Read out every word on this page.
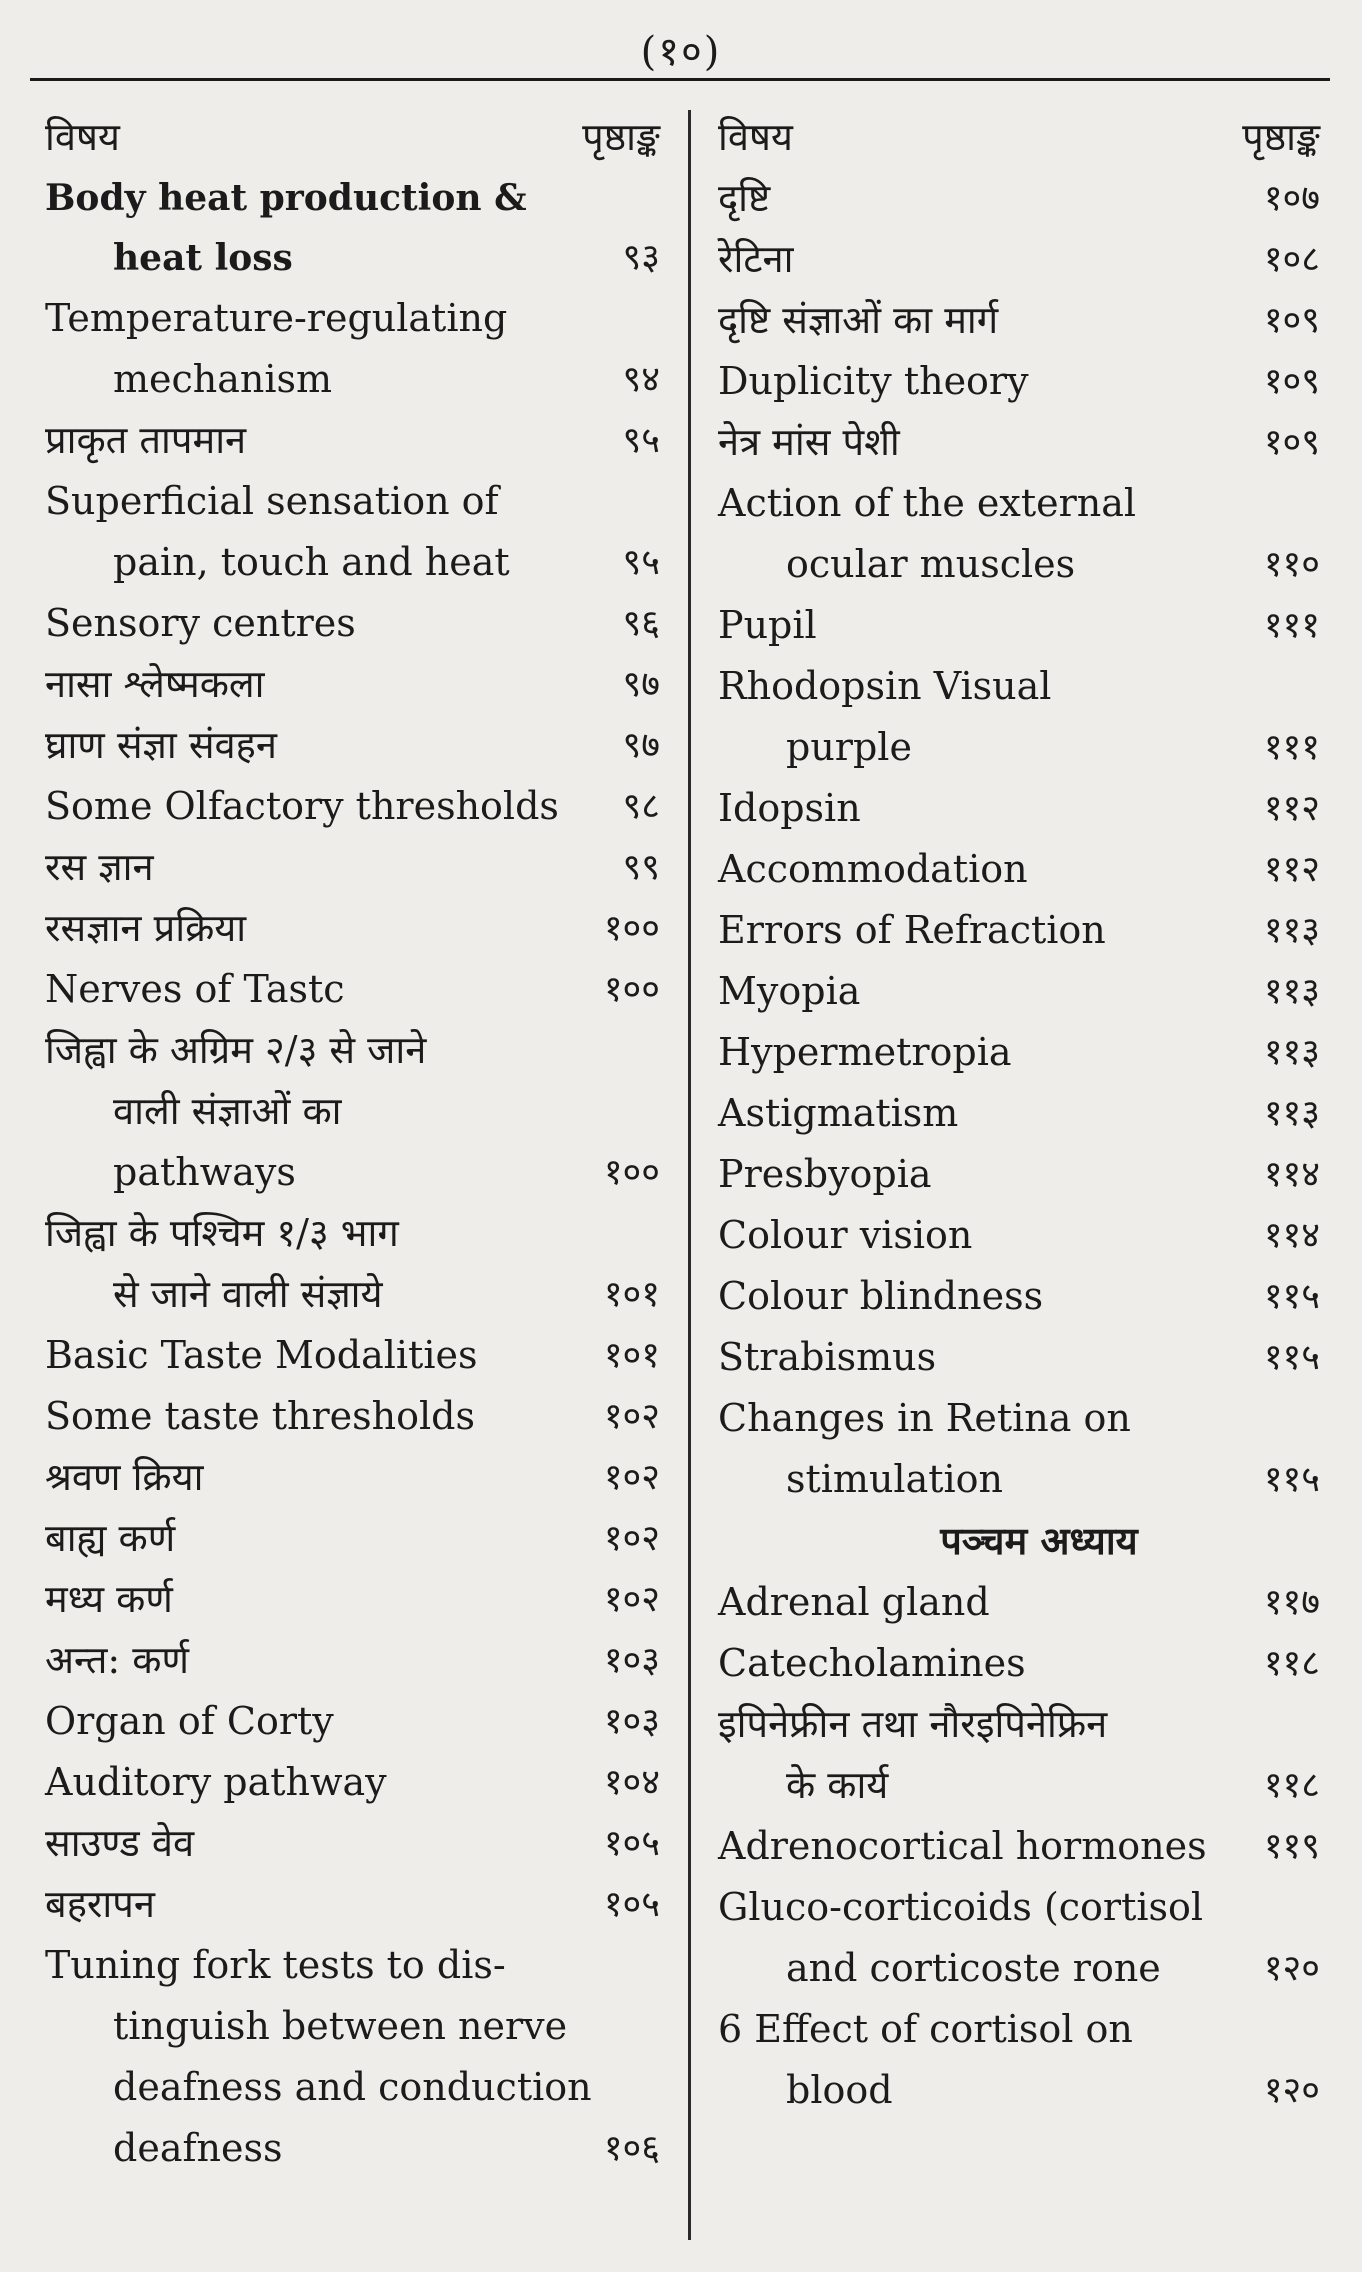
(१०)
विषय	पृष्ठाङ्क
Body heat production &
heat loss	९३
Temperature-regulating
mechanism	९४
प्राकृत तापमान	९५
Superficial sensation of
pain, touch and heat	९५
Sensory centres	९६
नासा श्लेष्मकला	९७
घ्राण संज्ञा संवहन	९७
Some Olfactory thresholds	९८
रस ज्ञान	९९
रसज्ञान प्रक्रिया	१००
Nerves of Tastc	१००
जिह्वा के अग्रिम २/३ से जाने
वाली संज्ञाओं का
pathways	१००
जिह्वा के पश्चिम १/३ भाग
से जाने वाली संज्ञाये	१०१
Basic Taste Modalities	१०१
Some taste thresholds	१०२
श्रवण क्रिया	१०२
बाह्य कर्ण	१०२
मध्य कर्ण	१०२
अन्त: कर्ण	१०३
Organ of Corty	१०३
Auditory pathway	१०४
साउण्ड वेव	१०५
बहरापन	१०५
Tuning fork tests to dis-
tinguish between nerve
deafness and conduction
deafness	१०६
विषय	पृष्ठाङ्क
दृष्टि	१०७
रेटिना	१०८
दृष्टि संज्ञाओं का मार्ग	१०९
Duplicity theory	१०९
नेत्र मांस पेशी	१०९
Action of the external
ocular muscles	११०
Pupil	१११
Rhodopsin Visual
purple	१११
Idopsin	११२
Accommodation	११२
Errors of Refraction	११३
Myopia	११३
Hypermetropia	११३
Astigmatism	११३
Presbyopia	११४
Colour vision	११४
Colour blindness	११५
Strabismus	११५
Changes in Retina on
stimulation	११५
पञ्चम अध्याय
Adrenal gland	११७
Catecholamines	११८
इपिनेफ्रीन तथा नौरइपिनेफ्रिन
के कार्य	११८
Adrenocortical hormones	११९
Gluco-corticoids (cortisol
and corticoste rone	१२०
6 Effect of cortisol on
blood	१२०
